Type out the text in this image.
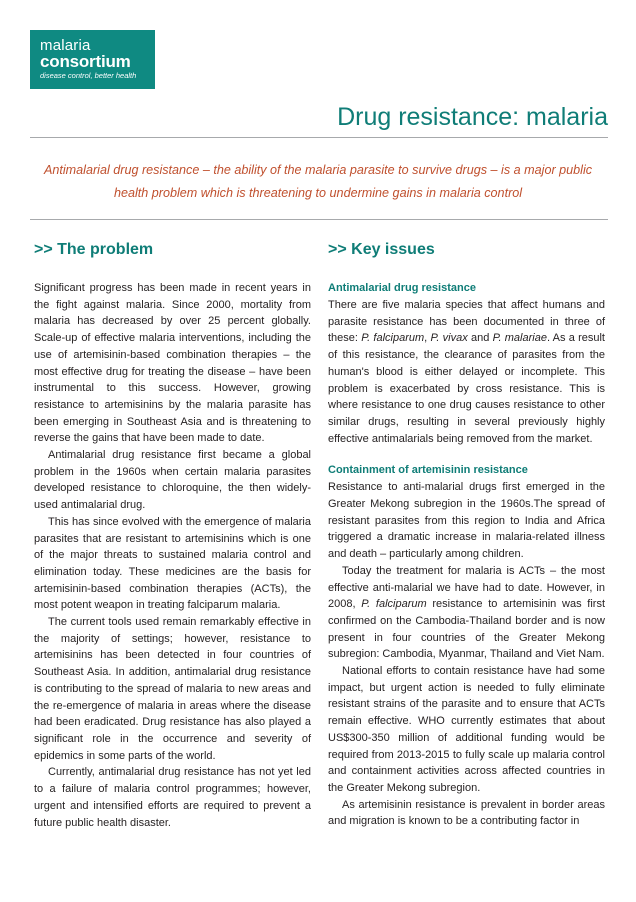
malaria
consortium
disease control, better health
Drug resistance: malaria

Antimalarial drug resistance – the ability of the malaria parasite to survive drugs – is a major public health problem which is threatening to undermine gains in malaria control

>> The problem

Significant progress has been made in recent years in the fight against malaria. Since 2000, mortality from malaria has decreased by over 25 percent globally. Scale-up of effective malaria interventions, including the use of artemisinin-based combination therapies – the most effective drug for treating the disease – have been instrumental to this success. However, growing resistance to artemisinins by the malaria parasite has been emerging in Southeast Asia and is threatening to reverse the gains that have been made to date.

Antimalarial drug resistance first became a global problem in the 1960s when certain malaria parasites developed resistance to chloroquine, the then widely-used antimalarial drug.

This has since evolved with the emergence of malaria parasites that are resistant to artemisinins which is one of the major threats to sustained malaria control and elimination today. These medicines are the basis for artemisinin-based combination therapies (ACTs), the most potent weapon in treating falciparum malaria.

The current tools used remain remarkably effective in the majority of settings; however, resistance to artemisinins has been detected in four countries of Southeast Asia. In addition, antimalarial drug resistance is contributing to the spread of malaria to new areas and the re-emergence of malaria in areas where the disease had been eradicated. Drug resistance has also played a significant role in the occurrence and severity of epidemics in some parts of the world.

Currently, antimalarial drug resistance has not yet led to a failure of malaria control programmes; however, urgent and intensified efforts are required to prevent a future public health disaster.

>> Key issues
Antimalarial drug resistance

There are five malaria species that affect humans and parasite resistance has been documented in three of these: P. falciparum, P. vivax and P. malariae. As a result of this resistance, the clearance of parasites from the human's blood is either delayed or incomplete. This problem is exacerbated by cross resistance. This is where resistance to one drug causes resistance to other similar drugs, resulting in several previously highly effective antimalarials being removed from the market.

Containment of artemisinin resistance

Resistance to anti-malarial drugs first emerged in the Greater Mekong subregion in the 1960s.The spread of resistant parasites from this region to India and Africa triggered a dramatic increase in malaria-related illness and death – particularly among children.

Today the treatment for malaria is ACTs – the most effective anti-malarial we have had to date. However, in 2008, P. falciparum resistance to artemisinin was first confirmed on the Cambodia-Thailand border and is now present in four countries of the Greater Mekong subregion: Cambodia, Myanmar, Thailand and Viet Nam.

National efforts to contain resistance have had some impact, but urgent action is needed to fully eliminate resistant strains of the parasite and to ensure that ACTs remain effective. WHO currently estimates that about US$300-350 million of additional funding would be required from 2013-2015 to fully scale up malaria control and containment activities across affected countries in the Greater Mekong subregion.

As artemisinin resistance is prevalent in border areas and migration is known to be a contributing factor in
